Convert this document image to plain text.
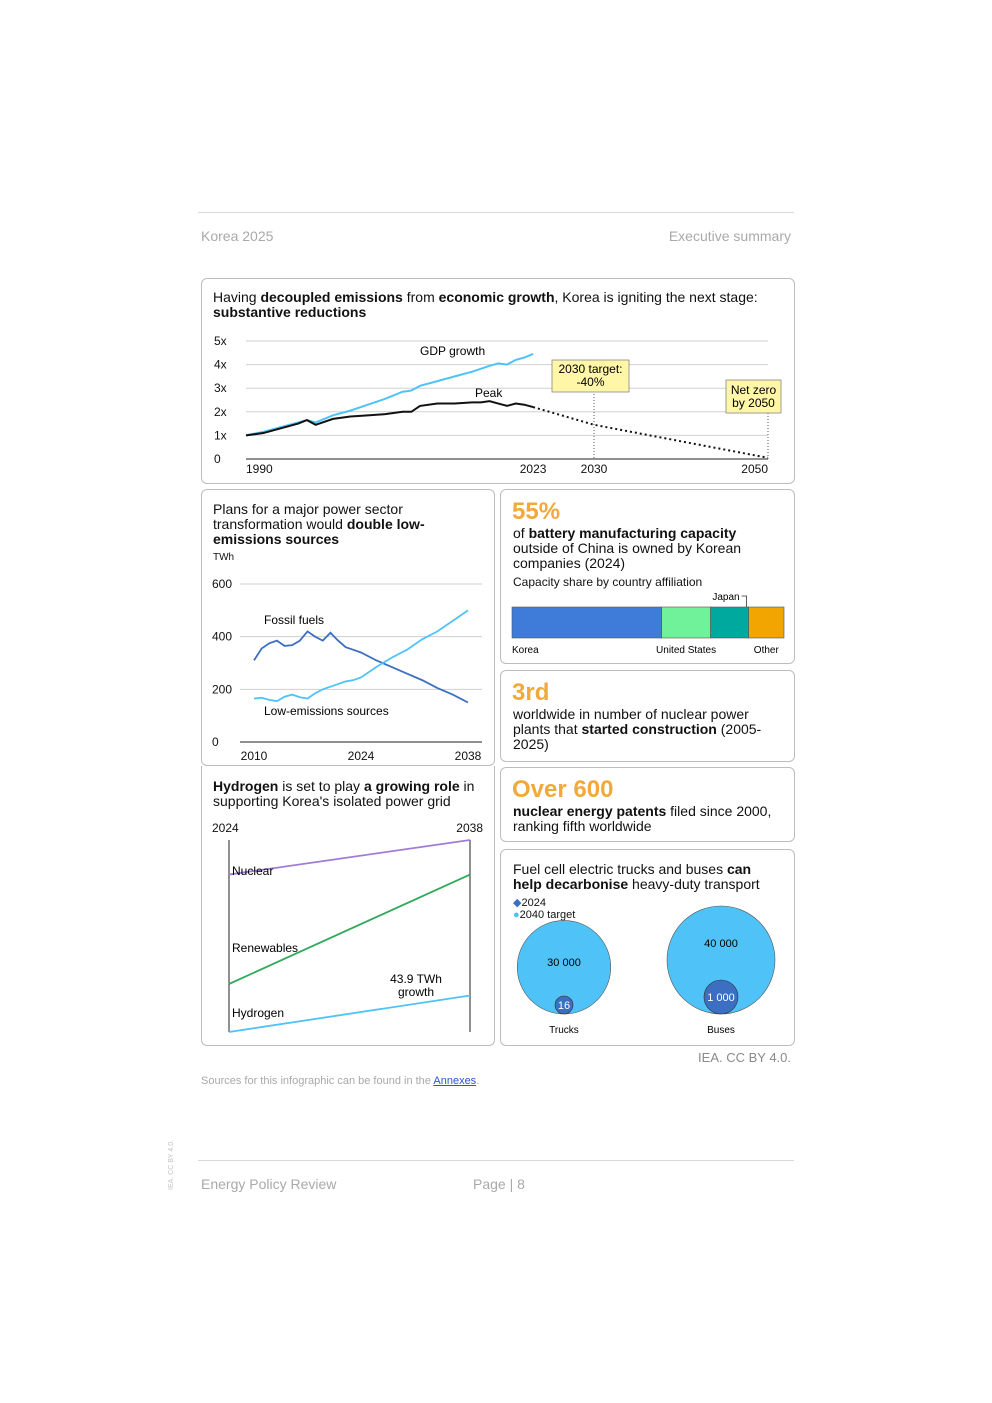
Korea 2025	Executive summary
Having decoupled emissions from economic growth, Korea is igniting the next stage: substantive reductions
0
1x
2x
3x
4x
5x
1990	2023	2030	2050
GDP growth
Peak
2030 target:
-40%
Net zero
by 2050
Plans for a major power sector transformation would double low-emissions sources
TWh
0
200
400
600
2010	2024	2038
Fossil fuels
Low-emissions sources
Hydrogen is set to play a growing role in supporting Korea's isolated power grid
2024	2038
Nuclear
Renewables
Hydrogen
43.9 TWh
growth
55%
of battery manufacturing capacity outside of China is owned by Korean companies (2024)
Capacity share by country affiliation
Korea	United States
Japan
Other
3rd
worldwide in number of nuclear power plants that started construction (2005-2025)
Over 600
nuclear energy patents filed since 2000, ranking fifth worldwide
Fuel cell electric trucks and buses can help decarbonise heavy-duty transport
◆2024
●2040 target
30 000
16
Trucks
40 000
1 000
Buses
IEA. CC BY 4.0.
Sources for this infographic can be found in the Annexes.
IEA. CC BY 4.0. Energy Policy Review	Page | 8
